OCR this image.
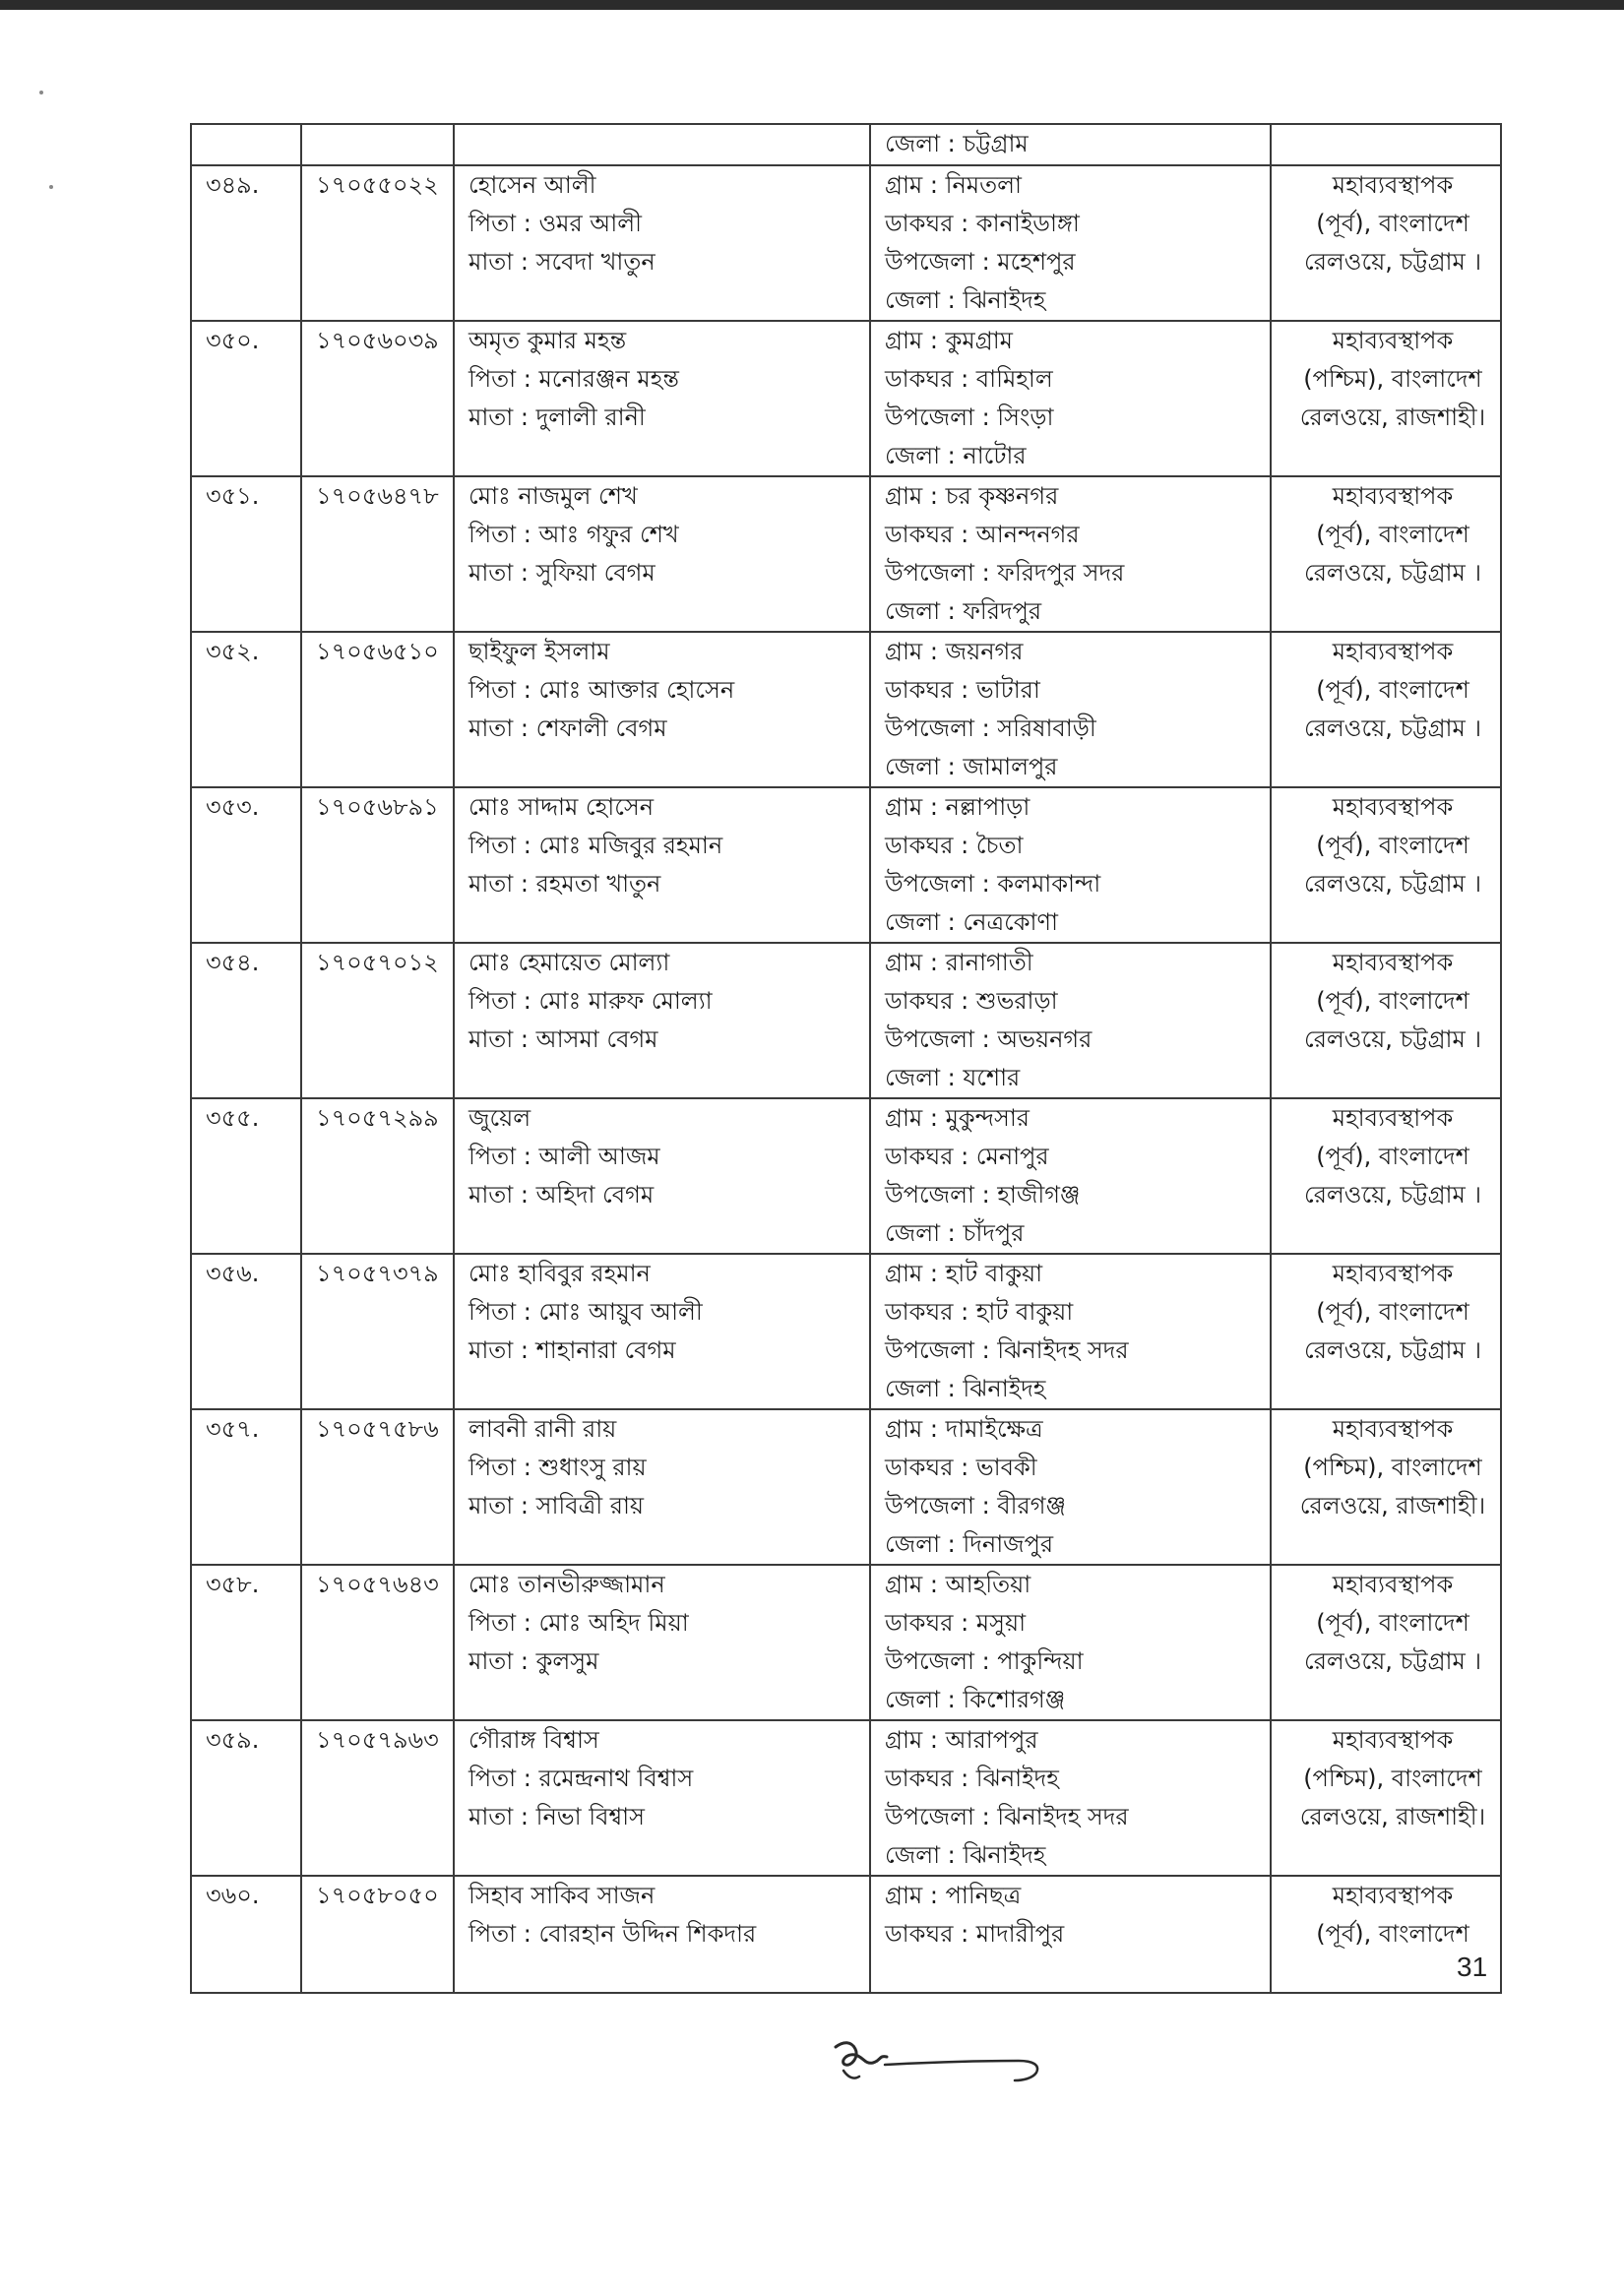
			জেলা : চট্টগ্রাম	

৩৪৯.	১৭০৫৫০২২	হোসেন আলী
পিতা : ওমর আলী
মাতা : সবেদা খাতুন	গ্রাম : নিমতলা
ডাকঘর : কানাইডাঙ্গা
উপজেলা : মহেশপুর
জেলা : ঝিনাইদহ	মহাব্যবস্থাপক
(পূর্ব), বাংলাদেশ
রেলওয়ে, চট্টগ্রাম ।

৩৫০.	১৭০৫৬০৩৯	অমৃত কুমার মহন্ত
পিতা : মনোরঞ্জন মহন্ত
মাতা : দুলালী রানী	গ্রাম : কুমগ্রাম
ডাকঘর : বামিহাল
উপজেলা : সিংড়া
জেলা : নাটোর	মহাব্যবস্থাপক
(পশ্চিম), বাংলাদেশ
রেলওয়ে, রাজশাহী।

৩৫১.	১৭০৫৬৪৭৮	মোঃ নাজমুল শেখ
পিতা : আঃ গফুর শেখ
মাতা : সুফিয়া বেগম	গ্রাম : চর কৃষ্ণনগর
ডাকঘর : আনন্দনগর
উপজেলা : ফরিদপুর সদর
জেলা : ফরিদপুর	মহাব্যবস্থাপক
(পূর্ব), বাংলাদেশ
রেলওয়ে, চট্টগ্রাম ।

৩৫২.	১৭০৫৬৫১০	ছাইফুল ইসলাম
পিতা : মোঃ আক্তার হোসেন
মাতা : শেফালী বেগম	গ্রাম : জয়নগর
ডাকঘর : ভাটারা
উপজেলা : সরিষাবাড়ী
জেলা : জামালপুর	মহাব্যবস্থাপক
(পূর্ব), বাংলাদেশ
রেলওয়ে, চট্টগ্রাম ।

৩৫৩.	১৭০৫৬৮৯১	মোঃ সাদ্দাম হোসেন
পিতা : মোঃ মজিবুর রহমান
মাতা : রহমতা খাতুন	গ্রাম : নল্লাপাড়া
ডাকঘর : চৈতা
উপজেলা : কলমাকান্দা
জেলা : নেত্রকোণা	মহাব্যবস্থাপক
(পূর্ব), বাংলাদেশ
রেলওয়ে, চট্টগ্রাম ।

৩৫৪.	১৭০৫৭০১২	মোঃ হেমায়েত মোল্যা
পিতা : মোঃ মারুফ মোল্যা
মাতা : আসমা বেগম	গ্রাম : রানাগাতী
ডাকঘর : শুভরাড়া
উপজেলা : অভয়নগর
জেলা : যশোর	মহাব্যবস্থাপক
(পূর্ব), বাংলাদেশ
রেলওয়ে, চট্টগ্রাম ।

৩৫৫.	১৭০৫৭২৯৯	জুয়েল
পিতা : আলী আজম
মাতা : অহিদা বেগম	গ্রাম : মুকুন্দসার
ডাকঘর : মেনাপুর
উপজেলা : হাজীগঞ্জ
জেলা : চাঁদপুর	মহাব্যবস্থাপক
(পূর্ব), বাংলাদেশ
রেলওয়ে, চট্টগ্রাম ।

৩৫৬.	১৭০৫৭৩৭৯	মোঃ হাবিবুর রহমান
পিতা : মোঃ আয়ুব আলী
মাতা : শাহানারা বেগম	গ্রাম : হাট বাকুয়া
ডাকঘর : হাট বাকুয়া
উপজেলা : ঝিনাইদহ সদর
জেলা : ঝিনাইদহ	মহাব্যবস্থাপক
(পূর্ব), বাংলাদেশ
রেলওয়ে, চট্টগ্রাম ।

৩৫৭.	১৭০৫৭৫৮৬	লাবনী রানী রায়
পিতা : শুধাংসু রায়
মাতা : সাবিত্রী রায়	গ্রাম : দামাইক্ষেত্র
ডাকঘর : ভাবকী
উপজেলা : বীরগঞ্জ
জেলা : দিনাজপুর	মহাব্যবস্থাপক
(পশ্চিম), বাংলাদেশ
রেলওয়ে, রাজশাহী।

৩৫৮.	১৭০৫৭৬৪৩	মোঃ তানভীরুজ্জামান
পিতা : মোঃ অহিদ মিয়া
মাতা : কুলসুম	গ্রাম : আহতিয়া
ডাকঘর : মসুয়া
উপজেলা : পাকুন্দিয়া
জেলা : কিশোরগঞ্জ	মহাব্যবস্থাপক
(পূর্ব), বাংলাদেশ
রেলওয়ে, চট্টগ্রাম ।

৩৫৯.	১৭০৫৭৯৬৩	গৌরাঙ্গ বিশ্বাস
পিতা : রমেন্দ্রনাথ বিশ্বাস
মাতা : নিভা বিশ্বাস	গ্রাম : আরাপপুর
ডাকঘর : ঝিনাইদহ
উপজেলা : ঝিনাইদহ সদর
জেলা : ঝিনাইদহ	মহাব্যবস্থাপক
(পশ্চিম), বাংলাদেশ
রেলওয়ে, রাজশাহী।

৩৬০.	১৭০৫৮০৫০	সিহাব সাকিব সাজন
পিতা : বোরহান উদ্দিন শিকদার	গ্রাম : পানিছত্র
ডাকঘর : মাদারীপুর	মহাব্যবস্থাপক
(পূর্ব), বাংলাদেশ
31
